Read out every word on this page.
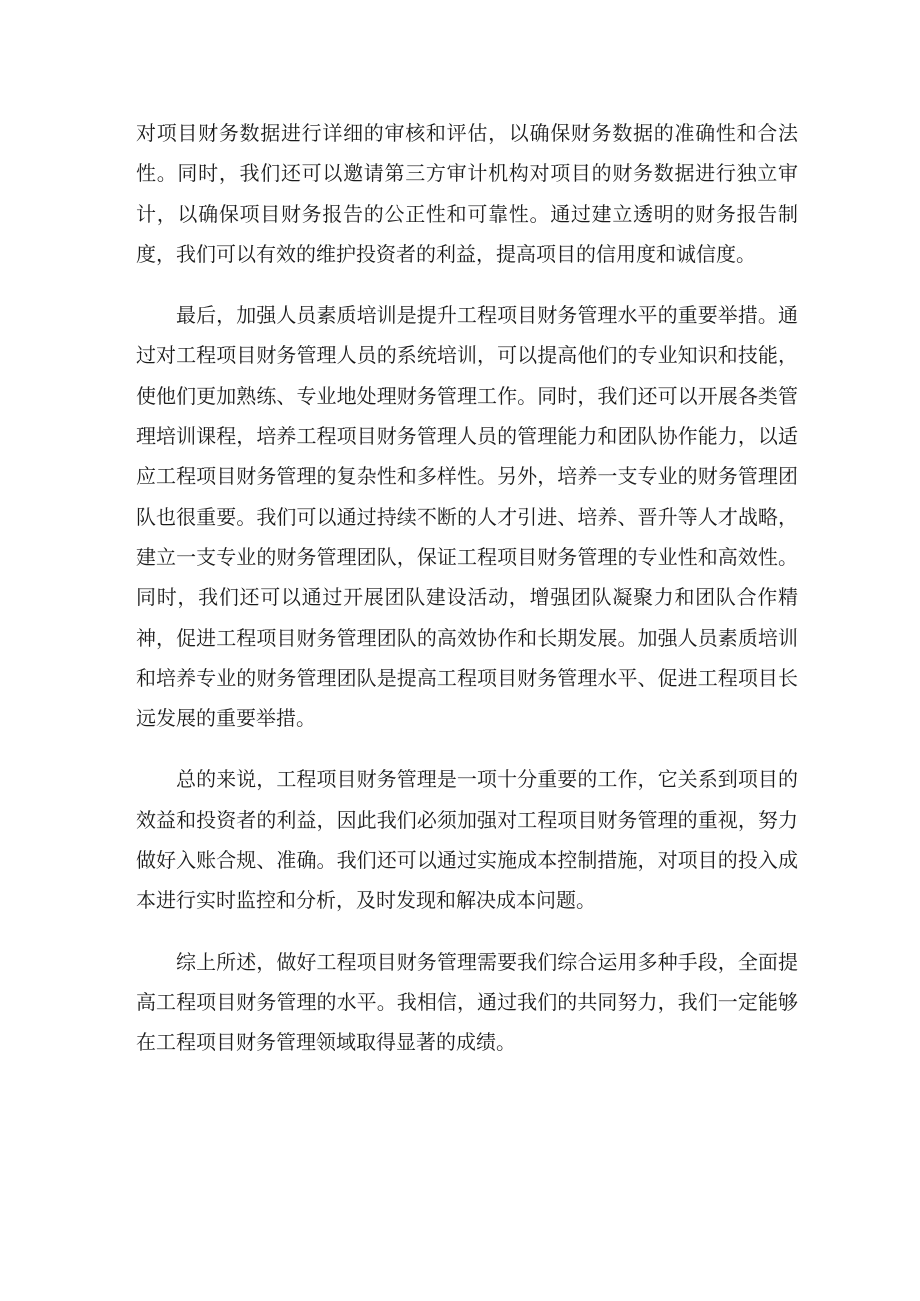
对项目财务数据进行详细的审核和评估，以确保财务数据的准确性和合法性。同时，我们还可以邀请第三方审计机构对项目的财务数据进行独立审计，以确保项目财务报告的公正性和可靠性。通过建立透明的财务报告制度，我们可以有效的维护投资者的利益，提高项目的信用度和诚信度。

最后，加强人员素质培训是提升工程项目财务管理水平的重要举措。通过对工程项目财务管理人员的系统培训，可以提高他们的专业知识和技能，使他们更加熟练、专业地处理财务管理工作。同时，我们还可以开展各类管理培训课程，培养工程项目财务管理人员的管理能力和团队协作能力，以适应工程项目财务管理的复杂性和多样性。另外，培养一支专业的财务管理团队也很重要。我们可以通过持续不断的人才引进、培养、晋升等人才战略，建立一支专业的财务管理团队，保证工程项目财务管理的专业性和高效性。同时，我们还可以通过开展团队建设活动，增强团队凝聚力和团队合作精神，促进工程项目财务管理团队的高效协作和长期发展。加强人员素质培训和培养专业的财务管理团队是提高工程项目财务管理水平、促进工程项目长远发展的重要举措。

总的来说，工程项目财务管理是一项十分重要的工作，它关系到项目的效益和投资者的利益，因此我们必须加强对工程项目财务管理的重视，努力做好入账合规、准确。我们还可以通过实施成本控制措施，对项目的投入成本进行实时监控和分析，及时发现和解决成本问题。

综上所述，做好工程项目财务管理需要我们综合运用多种手段，全面提高工程项目财务管理的水平。我相信，通过我们的共同努力，我们一定能够在工程项目财务管理领域取得显著的成绩。
